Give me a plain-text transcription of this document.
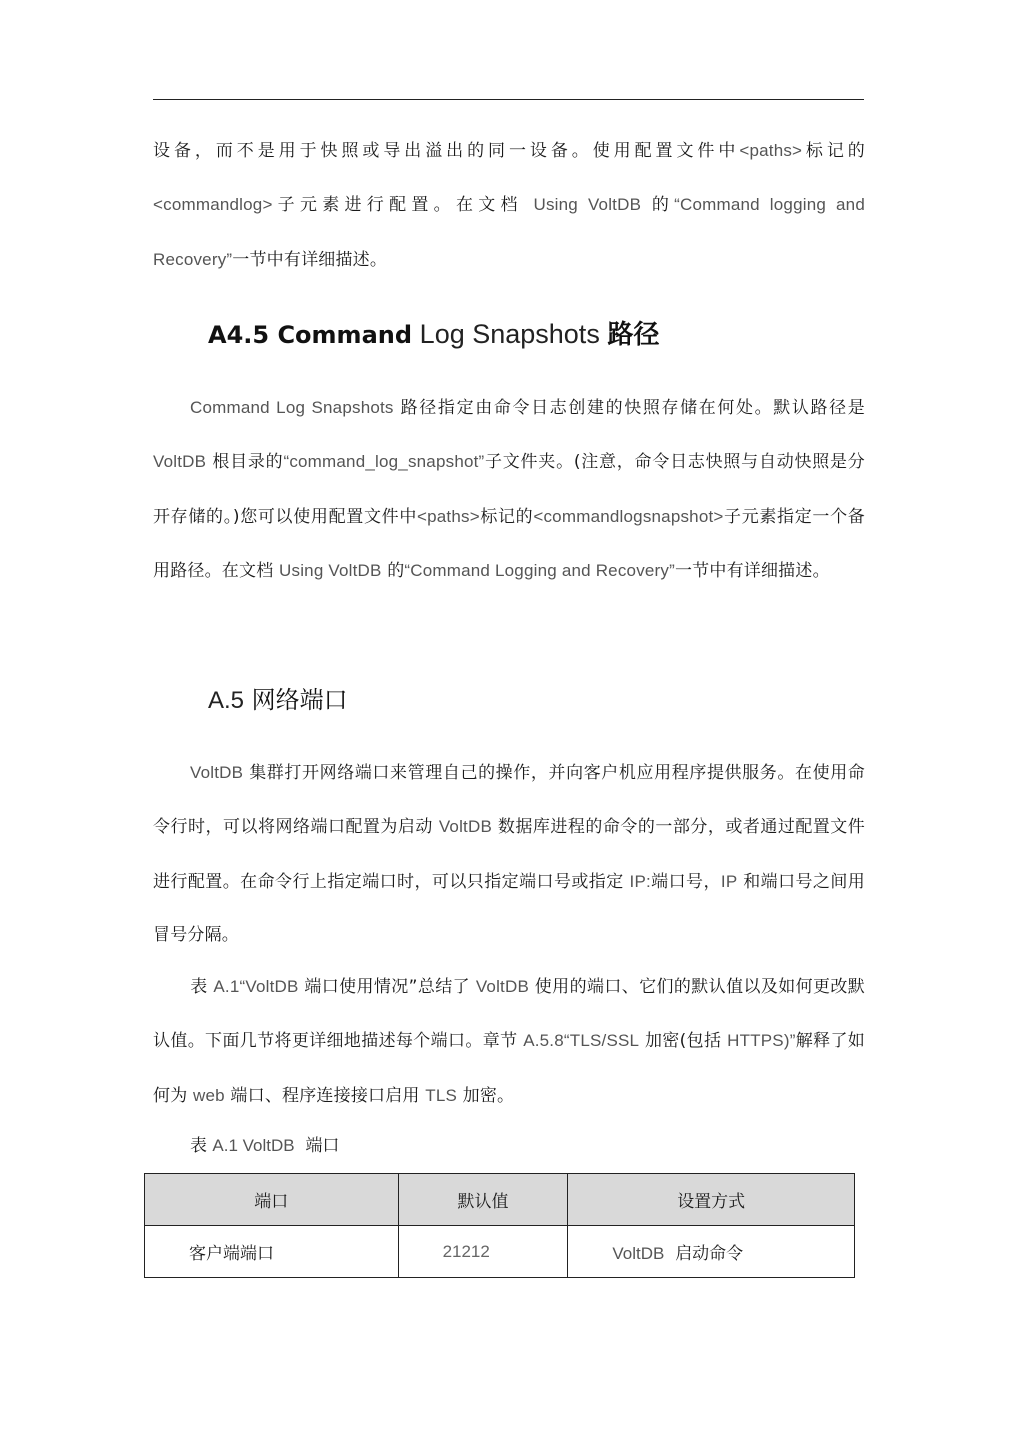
设备，而不是用于快照或导出溢出的同一设备。使用配置文件中<paths>标记的<commandlog>子元素进行配置。在文档 Using VoltDB 的“Command logging and Recovery”一节中有详细描述。

A4.5 Command Log Snapshots 路径

Command Log Snapshots 路径指定由命令日志创建的快照存储在何处。默认路径是VoltDB 根目录的“command_log_snapshot”子文件夹。(注意，命令日志快照与自动快照是分开存储的。)您可以使用配置文件中<paths>标记的<commandlogsnapshot>子元素指定一个备用路径。在文档 Using VoltDB 的“Command Logging and Recovery”一节中有详细描述。

A.5 网络端口

VoltDB 集群打开网络端口来管理自己的操作，并向客户机应用程序提供服务。在使用命令行时，可以将网络端口配置为启动 VoltDB 数据库进程的命令的一部分，或者通过配置文件进行配置。在命令行上指定端口时，可以只指定端口号或指定 IP:端口号，IP 和端口号之间用冒号分隔。

表 A.1“VoltDB 端口使用情况”总结了 VoltDB 使用的端口、它们的默认值以及如何更改默认值。下面几节将更详细地描述每个端口。章节 A.5.8“TLS/SSL 加密(包括 HTTPS)”解释了如何为 web 端口、程序连接接口启用 TLS 加密。

表 A.1 VoltDB 端口

端口	默认值	设置方式
客户端端口	21212	VoltDB 启动命令
